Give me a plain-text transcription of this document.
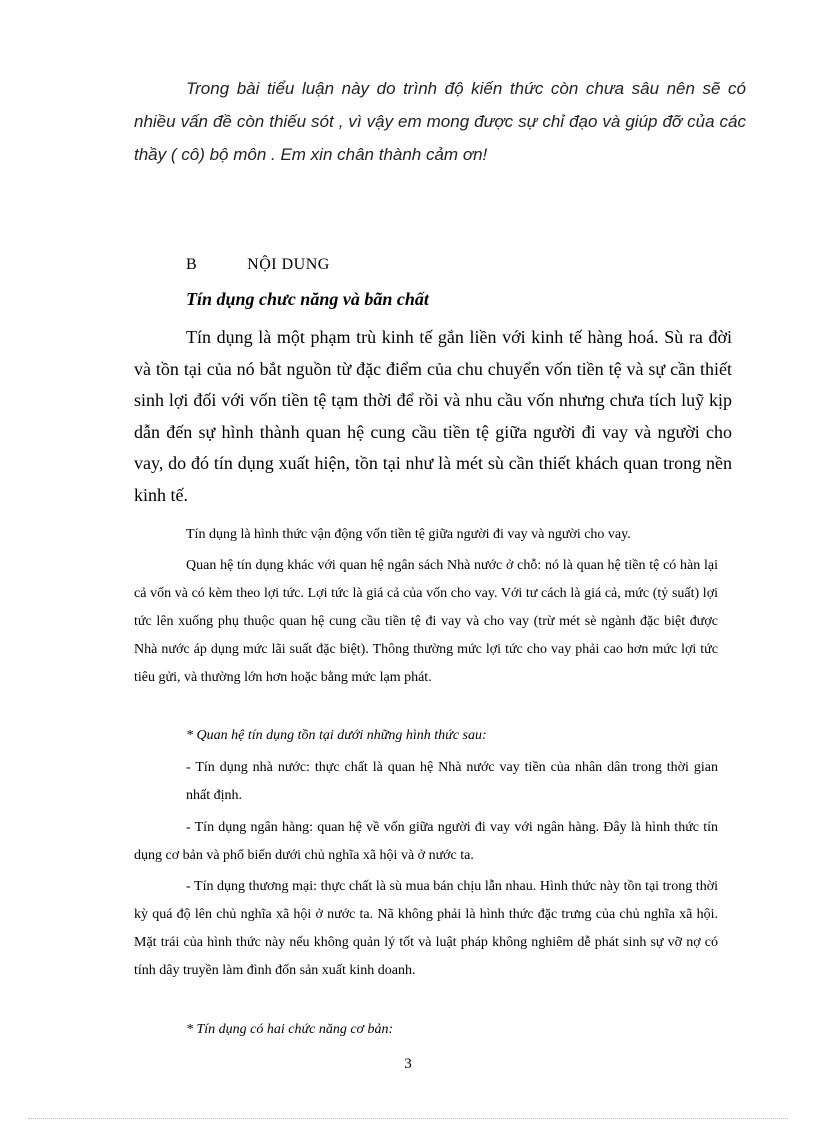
Trong bài tiểu luận này do trình độ kiến thức còn chưa sâu nên sẽ có nhiều vấn đề còn thiếu sót , vì vậy em mong được sự chỉ đạo và giúp đỡ của các thầy ( cô) bộ môn . Em xin chân thành cảm ơn!

B	NỘI DUNG
Tín dụng chưc năng và bãn chất

Tín dụng là một phạm trù kinh tế gắn liền với kinh tế hàng hoá. Sù ra đời và tồn tại của nó bắt nguồn từ đặc điểm của chu chuyển vốn tiền tệ và sự cần thiết sinh lợi đối với vốn tiền tệ tạm thời để rồi và nhu cầu vốn nhưng chưa tích luỹ kịp dẫn đến sự hình thành quan hệ cung cầu tiền tệ giữa người đi vay và người cho vay, do đó tín dụng xuất hiện, tồn tại như là mét sù cần thiết khách quan trong nền kinh tế.

Tín dụng là hình thức vận động vốn tiền tệ giữa người đi vay và người cho vay.

Quan hệ tín dụng khác với quan hệ ngân sách Nhà nước ở chỗ: nó là quan hệ tiền tệ có hàn lại cả vốn và có kèm theo lợi tức. Lợi tức là giá cả của vốn cho vay. Với tư cách là giá cả, mức (tỷ suất) lợi tức lên xuống phụ thuộc quan hệ cung cầu tiền tệ đi vay và cho vay (trừ mét sè ngành đặc biệt được Nhà nước áp dụng mức lãi suất đặc biệt). Thông thường mức lợi tức cho vay phải cao hơn mức lợi tức tiêu gửi, và thường lớn hơn hoặc bằng mức lạm phát.

* Quan hệ tín dụng tồn tại dưới những hình thức sau:

- Tín dụng nhà nước: thực chất là quan hệ Nhà nước vay tiền của nhân dân trong thời gian nhất định.

- Tín dụng ngân hàng: quan hệ về vốn giữa người đi vay với ngân hàng. Đây là hình thức tín dụng cơ bản và phổ biến dưới chủ nghĩa xã hội và ở nước ta.

- Tín dụng thương mại: thực chất là sù mua bán chịu lẫn nhau. Hình thức này tồn tại trong thời kỳ quá độ lên chủ nghĩa xã hội ở nước ta. Nã không phải là hình thức đặc trưng của chủ nghĩa xã hội. Mặt trái của hình thức này nếu không quản lý tốt và luật pháp không nghiêm dễ phát sinh sự vỡ nợ có tính dây truyền làm đình đốn sản xuất kinh doanh.

* Tín dụng có hai chức năng cơ bản:

3
